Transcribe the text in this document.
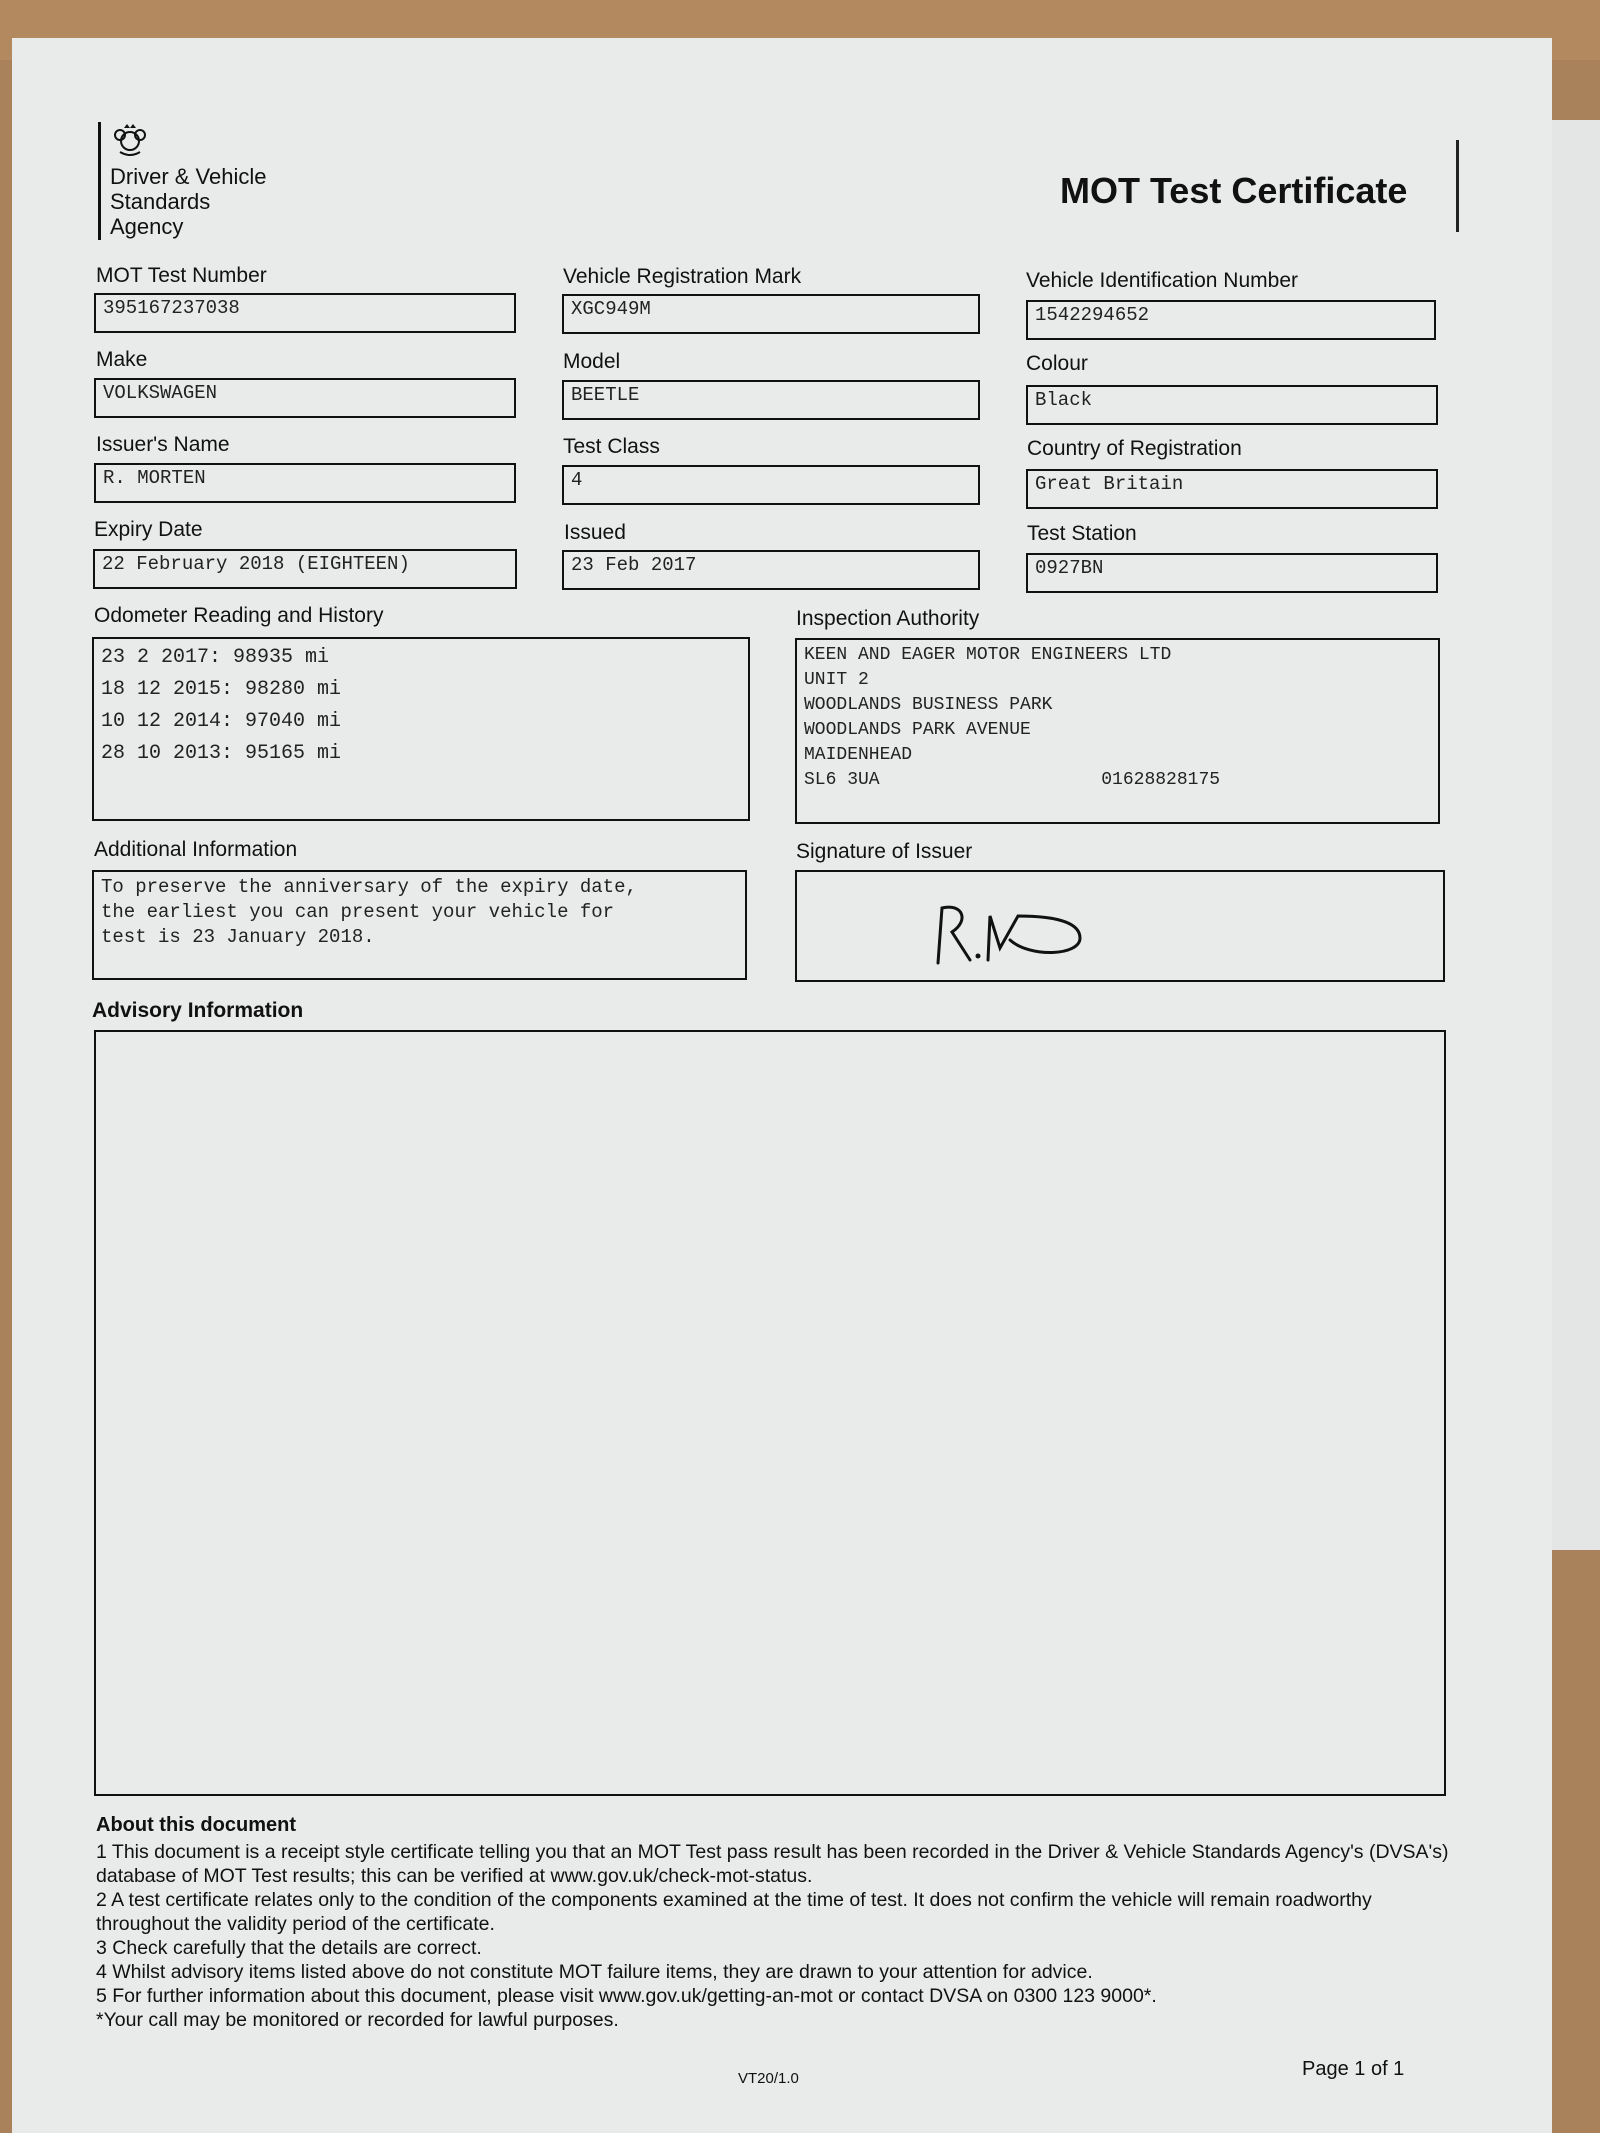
Driver & Vehicle
Standards
Agency
MOT Test Certificate
MOT Test Number
395167237038
Vehicle Registration Mark
XGC949M
Vehicle Identification Number
1542294652
Make
VOLKSWAGEN
Model
BEETLE
Colour
Black
Issuer's Name
R. MORTEN
Test Class
4
Country of Registration
Great Britain
Expiry Date
22 February 2018 (EIGHTEEN)
Issued
23 Feb 2017
Test Station
0927BN
Odometer Reading and History
23 2 2017: 98935 mi
18 12 2015: 98280 mi
10 12 2014: 97040 mi
28 10 2013: 95165 mi
Inspection Authority
KEEN AND EAGER MOTOR ENGINEERS LTD
UNIT 2
WOODLANDS BUSINESS PARK
WOODLANDS PARK AVENUE
MAIDENHEAD
SL6 3UA	01628828175
Additional Information
To preserve the anniversary of the expiry date,
the earliest you can present your vehicle for
test is 23 January 2018.
Signature of Issuer
Advisory Information
About this document

1 This document is a receipt style certificate telling you that an MOT Test pass result has been recorded in the Driver & Vehicle Standards Agency's (DVSA's) database of MOT Test results; this can be verified at www.gov.uk/check-mot-status.

2 A test certificate relates only to the condition of the components examined at the time of test. It does not confirm the vehicle will remain roadworthy throughout the validity period of the certificate.

3 Check carefully that the details are correct.

4 Whilst advisory items listed above do not constitute MOT failure items, they are drawn to your attention for advice.

5 For further information about this document, please visit www.gov.uk/getting-an-mot or contact DVSA on 0300 123 9000*.

*Your call may be monitored or recorded for lawful purposes.

VT20/1.0	Page 1 of 1
